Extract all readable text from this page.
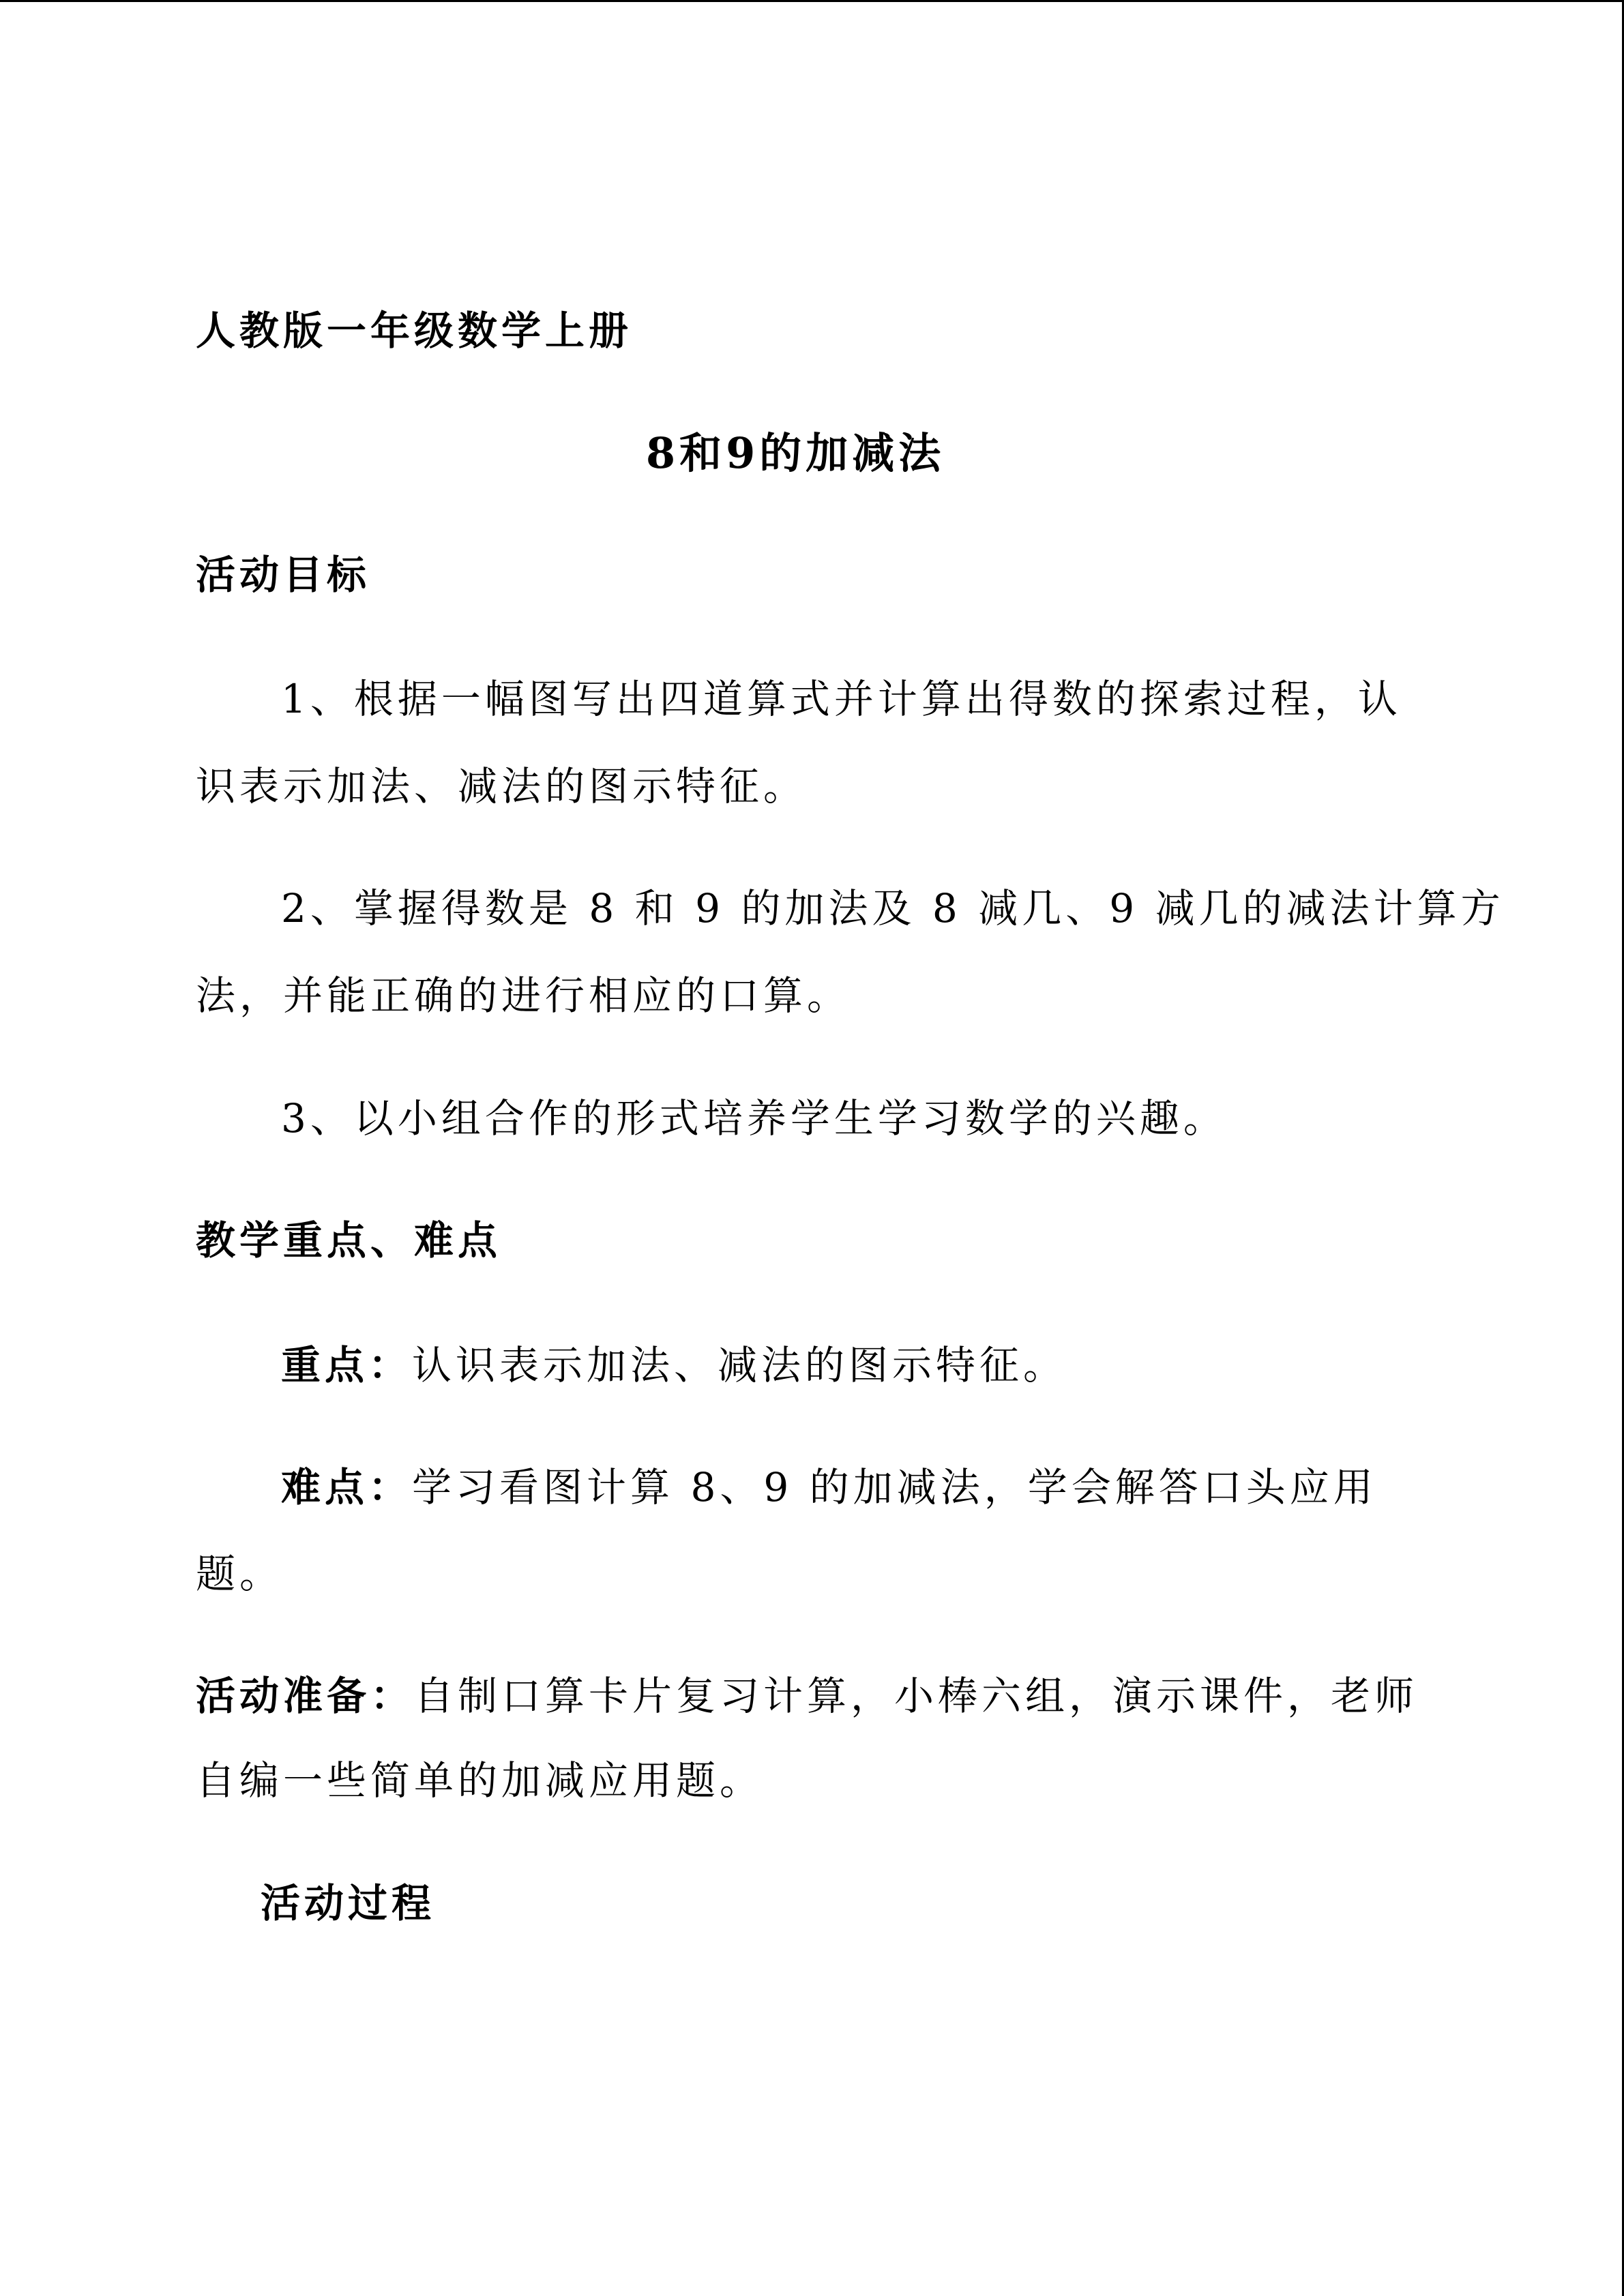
人教版一年级数学上册
8和9的加减法
活动目标
1、根据一幅图写出四道算式并计算出得数的探索过程，认
识表示加法、减法的图示特征。
2、掌握得数是 8 和 9 的加法及 8 减几、9 减几的减法计算方
法，并能正确的进行相应的口算。
3、以小组合作的形式培养学生学习数学的兴趣。
教学重点、难点
重点：认识表示加法、减法的图示特征。
难点：学习看图计算 8、9 的加减法，学会解答口头应用
题。
活动准备：自制口算卡片复习计算，小棒六组，演示课件，老师
自编一些简单的加减应用题。
活动过程
